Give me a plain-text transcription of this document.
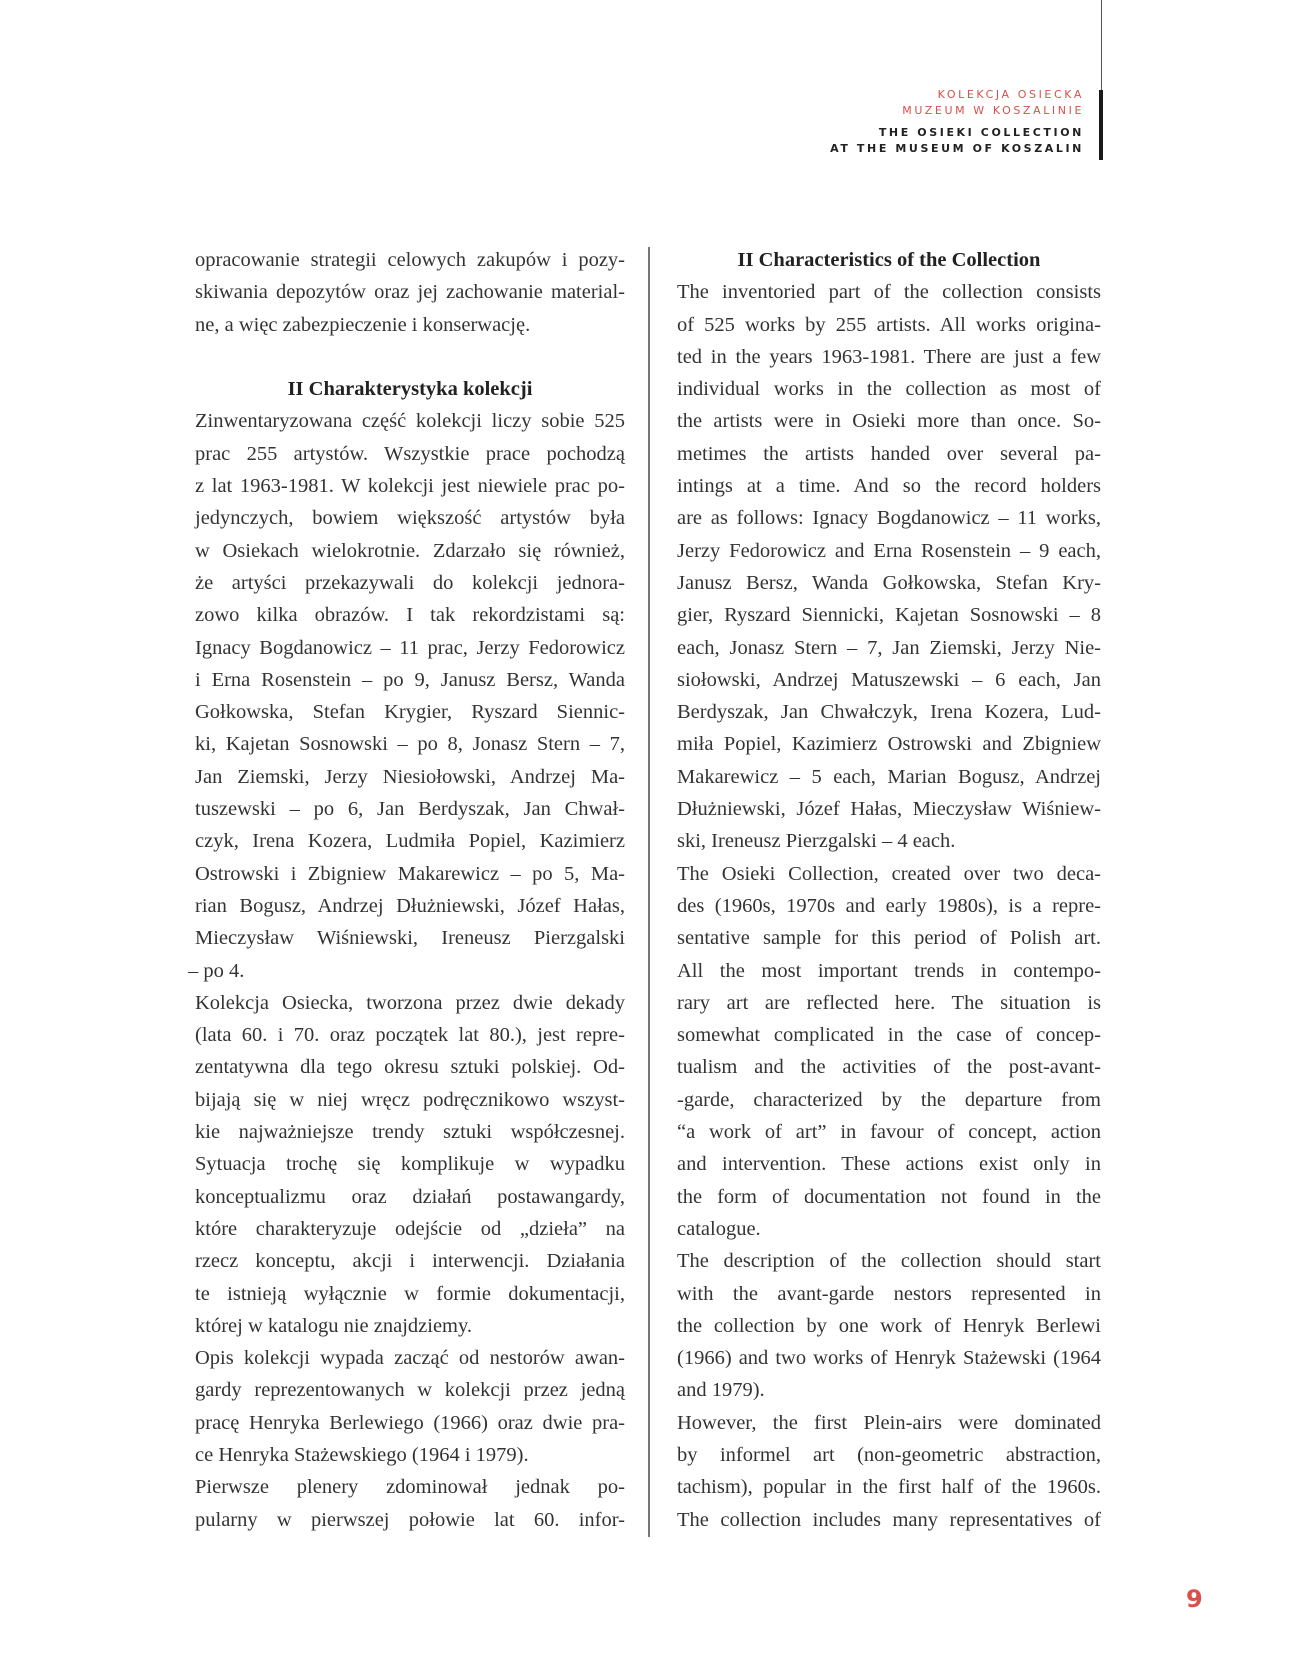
KOLEKCJA OSIECKA
MUZEUM W KOSZALINIE
THE OSIEKI COLLECTION
AT THE MUSEUM OF KOSZALIN
opracowanie strategii celowych zakupów i pozy-
skiwania depozytów oraz jej zachowanie material-
ne, a więc zabezpieczenie i konserwację.
II Charakterystyka kolekcji
Zinwentaryzowana część kolekcji liczy sobie 525
prac 255 artystów. Wszystkie prace pochodzą
z lat 1963-1981. W kolekcji jest niewiele prac po-
jedynczych, bowiem większość artystów była
w Osiekach wielokrotnie. Zdarzało się również,
że artyści przekazywali do kolekcji jednora-
zowo kilka obrazów. I tak rekordzistami są:
Ignacy Bogdanowicz – 11 prac, Jerzy Fedorowicz
i Erna Rosenstein – po 9, Janusz Bersz, Wanda
Gołkowska, Stefan Krygier, Ryszard Siennic-
ki, Kajetan Sosnowski – po 8, Jonasz Stern – 7,
Jan Ziemski, Jerzy Niesiołowski, Andrzej Ma-
tuszewski – po 6, Jan Berdyszak, Jan Chwał-
czyk, Irena Kozera, Ludmiła Popiel, Kazimierz
Ostrowski i Zbigniew Makarewicz – po 5, Ma-
rian Bogusz, Andrzej Dłużniewski, Józef Hałas,
Mieczysław Wiśniewski, Ireneusz Pierzgalski
– po 4.
Kolekcja Osiecka, tworzona przez dwie dekady
(lata 60. i 70. oraz początek lat 80.), jest repre-
zentatywna dla tego okresu sztuki polskiej. Od-
bijają się w niej wręcz podręcznikowo wszyst-
kie najważniejsze trendy sztuki współczesnej.
Sytuacja trochę się komplikuje w wypadku
konceptualizmu oraz działań postawangardy,
które charakteryzuje odejście od „dzieła” na
rzecz konceptu, akcji i interwencji. Działania
te istnieją wyłącznie w formie dokumentacji,
której w katalogu nie znajdziemy.
Opis kolekcji wypada zacząć od nestorów awan-
gardy reprezentowanych w kolekcji przez jedną
pracę Henryka Berlewiego (1966) oraz dwie pra-
ce Henryka Stażewskiego (1964 i 1979).
Pierwsze plenery zdominował jednak po-
pularny w pierwszej połowie lat 60. infor-
II Characteristics of the Collection
The inventoried part of the collection consists
of 525 works by 255 artists. All works origina-
ted in the years 1963-1981. There are just a few
individual works in the collection as most of
the artists were in Osieki more than once. So-
metimes the artists handed over several pa-
intings at a time. And so the record holders
are as follows: Ignacy Bogdanowicz – 11 works,
Jerzy Fedorowicz and Erna Rosenstein – 9 each,
Janusz Bersz, Wanda Gołkowska, Stefan Kry-
gier, Ryszard Siennicki, Kajetan Sosnowski – 8
each, Jonasz Stern – 7, Jan Ziemski, Jerzy Nie-
siołowski, Andrzej Matuszewski – 6 each, Jan
Berdyszak, Jan Chwałczyk, Irena Kozera, Lud-
miła Popiel, Kazimierz Ostrowski and Zbigniew
Makarewicz – 5 each, Marian Bogusz, Andrzej
Dłużniewski, Józef Hałas, Mieczysław Wiśniew-
ski, Ireneusz Pierzgalski – 4 each.
The Osieki Collection, created over two deca-
des (1960s, 1970s and early 1980s), is a repre-
sentative sample for this period of Polish art.
All the most important trends in contempo-
rary art are reflected here. The situation is
somewhat complicated in the case of concep-
tualism and the activities of the post-avant-
-garde, characterized by the departure from
“a work of art” in favour of concept, action
and intervention. These actions exist only in
the form of documentation not found in the
catalogue.
The description of the collection should start
with the avant-garde nestors represented in
the collection by one work of Henryk Berlewi
(1966) and two works of Henryk Stażewski (1964
and 1979).
However, the first Plein-airs were dominated
by informel art (non-geometric abstraction,
tachism), popular in the first half of the 1960s.
The collection includes many representatives of
9
